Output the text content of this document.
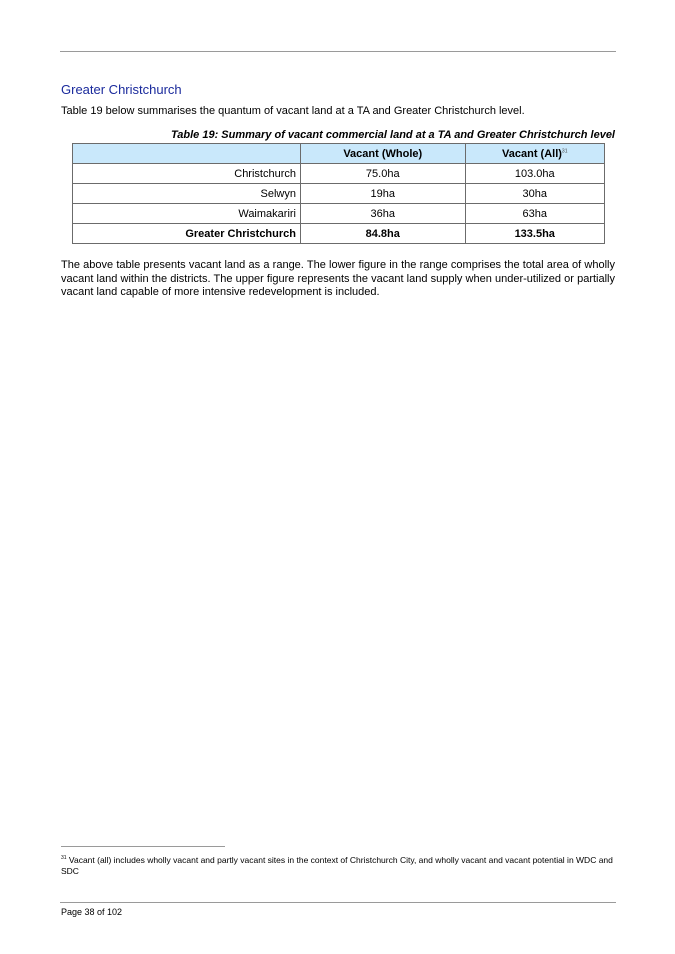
Greater Christchurch
Table 19 below summarises the quantum of vacant land at a TA and Greater Christchurch level.
Table 19: Summary of vacant commercial land at a TA and Greater Christchurch level
	Vacant (Whole)	Vacant (All)$^{31}$
Christchurch	75.0ha	103.0ha
Selwyn	19ha	30ha
Waimakariri	36ha	63ha
Greater Christchurch	84.8ha	133.5ha
The above table presents vacant land as a range. The lower figure in the range comprises the total area of wholly vacant land within the districts. The upper figure represents the vacant land supply when under-utilized or partially vacant land capable of more intensive redevelopment is included.
$^{31}$ Vacant (all) includes wholly vacant and partly vacant sites in the context of Christchurch City, and wholly vacant and vacant potential in WDC and SDC
Page 38 of 102
